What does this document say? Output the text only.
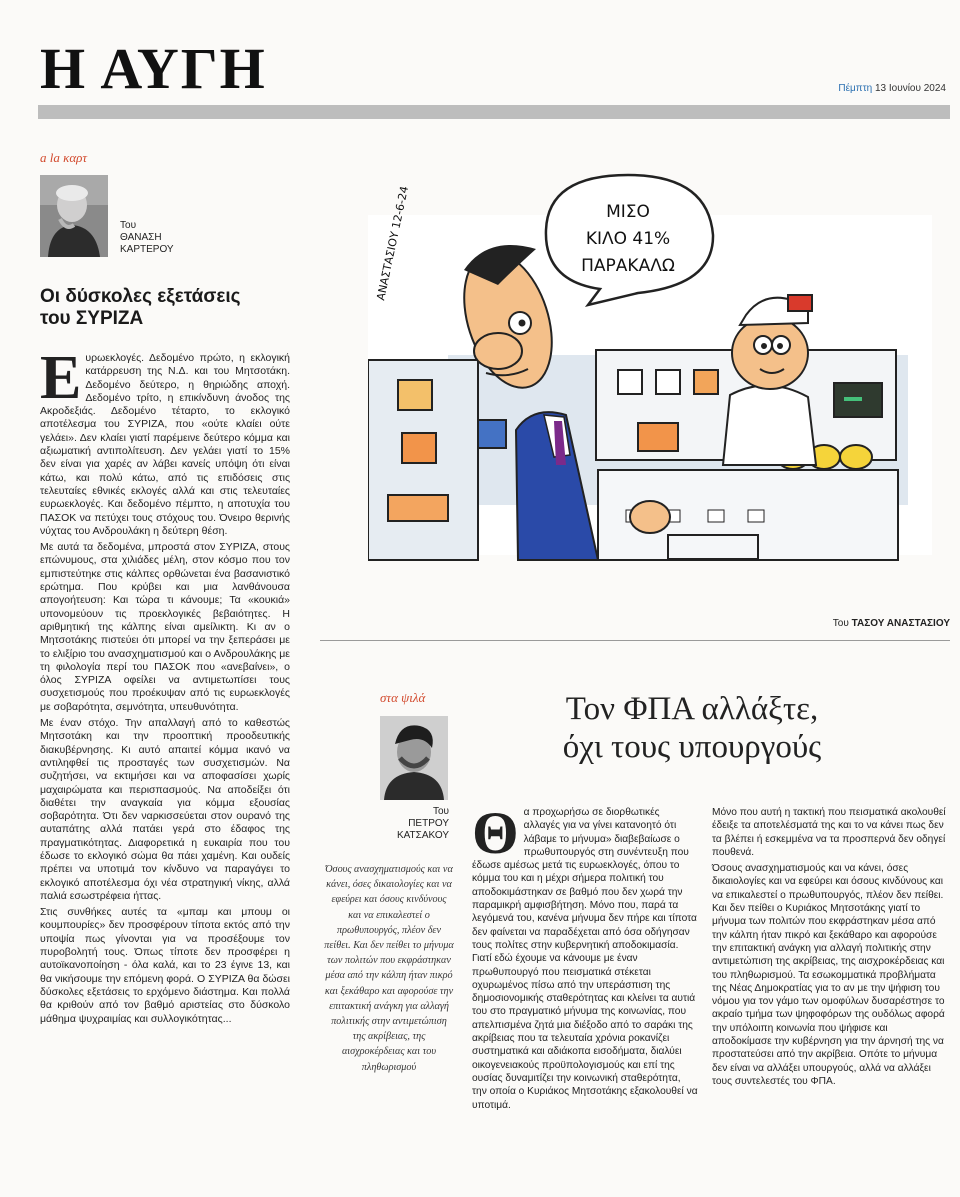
Η ΑΥΓΗ	Πέμπτη 13 Ιουνίου 2024
a la καρτ
Του
ΘΑΝΑΣΗ
ΚΑΡΤΕΡΟΥ
Οι δύσκολες εξετάσεις
του ΣΥΡΙΖΑ
Ε υρωεκλογές. Δεδομένο πρώτο, η εκλογική κατάρρευση της Ν.Δ. και του Μητσοτάκη. Δεδομένο δεύτερο, η θηριώδης αποχή. Δεδομένο τρίτο, η επικίνδυνη άνοδος της Ακροδεξιάς. Δεδομένο τέταρτο, το εκλογικό αποτέλεσμα του ΣΥΡΙΖΑ, που «ούτε κλαίει ούτε γελάει». Δεν κλαίει γιατί παρέμεινε δεύτερο κόμμα και αξιωματική αντιπολίτευση. Δεν γελάει γιατί το 15% δεν είναι για χαρές αν λάβει κανείς υπόψη ότι είναι κάτω, και πολύ κάτω, από τις επιδόσεις στις τελευταίες εθνικές εκλογές αλλά και στις τελευταίες ευρωεκλογές. Και δεδομένο πέμπτο, η αποτυχία του ΠΑΣΟΚ να πετύχει τους στόχους του. Όνειρο θερινής νύχτας του Ανδρουλάκη η δεύτερη θέση.

Με αυτά τα δεδομένα, μπροστά στον ΣΥΡΙΖΑ, στους επώνυμους, στα χιλιάδες μέλη, στον κόσμο που τον εμπιστεύτηκε στις κάλπες ορθώνεται ένα βασανιστικό ερώτημα. Που κρύβει και μια λανθάνουσα απογοήτευση: Και τώρα τι κάνουμε; Τα «κουκιά» υπονομεύουν τις προεκλογικές βεβαιότητες. Η αριθμητική της κάλπης είναι αμείλικτη. Κι αν ο Μητσοτάκης πιστεύει ότι μπορεί να την ξεπεράσει με το ελιξίριο του ανασχηματισμού και ο Ανδρουλάκης με τη φιλολογία περί του ΠΑΣΟΚ που «ανεβαίνει», ο όλος ΣΥΡΙΖΑ οφείλει να αντιμετωπίσει τους συσχετισμούς που προέκυψαν από τις ευρωεκλογές με σοβαρότητα, σεμνότητα, υπευθυνότητα.

Με έναν στόχο. Την απαλλαγή από το καθεστώς Μητσοτάκη και την προοπτική προοδευτικής διακυβέρνησης. Κι αυτό απαιτεί κόμμα ικανό να αντιληφθεί τις προσταγές των συσχετισμών. Να συζητήσει, να εκτιμήσει και να αποφασίσει χωρίς μαχαιρώματα και περισπασμούς. Να αποδείξει ότι διαθέτει την αναγκαία για κόμμα εξουσίας σοβαρότητα. Ότι δεν ναρκισσεύεται στον ουρανό της αυταπάτης αλλά πατάει γερά στο έδαφος της πραγματικότητας. Διαφορετικά η ευκαιρία που του έδωσε το εκλογικό σώμα θα πάει χαμένη. Και ουδείς πρέπει να υποτιμά τον κίνδυνο να παραγάγει το εκλογικό αποτέλεσμα όχι νέα στρατηγική νίκης, αλλά παλιά εσωστρέφεια ήττας.

Στις συνθήκες αυτές τα «μπαμ και μπουμ οι κουμπουρίες» δεν προσφέρουν τίποτα εκτός από την υποψία πως γίνονται για να προσέξουμε τον πυροβολητή τους. Όπως τίποτε δεν προσφέρει η αυτοϊκανοποίηση - όλα καλά, και το 23 έγινε 13, και θα νικήσουμε την επόμενη φορά. Ο ΣΥΡΙΖΑ θα δώσει δύσκολες εξετάσεις το ερχόμενο διάστημα. Και πολλά θα κριθούν από τον βαθμό αριστείας στο δύσκολο μάθημα ψυχραιμίας και συλλογικότητας...

ΜΙΣΟ
ΚΙΛΟ 41%
ΠΑΡΑΚΑΛΩ
ΑΝΑΣΤΑΣΙΟΥ 12-6-24
Του ΤΑΣΟΥ ΑΝΑΣΤΑΣΙΟΥ
στα ψιλά
Του
ΠΕΤΡΟΥ
ΚΑΤΣΑΚΟΥ
Τον ΦΠΑ αλλάξτε,
όχι τους υπουργούς
Όσους ανασχηματισμούς και να κάνει, όσες δικαιολογίες και να εφεύρει και όσους κινδύνους και να επικαλεστεί ο πρωθυπουργός, πλέον δεν πείθει. Και δεν πείθει το μήνυμα των πολιτών που εκφράστηκαν μέσα από την κάλπη ήταν πικρό και ξεκάθαρο και αφορούσε την επιτακτική ανάγκη για αλλαγή πολιτικής στην αντιμετώπιση της ακρίβειας, της αισχροκέρδειας και του πληθωρισμού
Θ α προχωρήσω σε διορθωτικές αλλαγές για να γίνει κατανοητό ότι λάβαμε το μήνυμα» διαβεβαίωσε ο πρωθυπουργός στη συνέντευξη που έδωσε αμέσως μετά τις ευρωεκλογές, όπου το κόμμα του και η μέχρι σήμερα πολιτική του αποδοκιμάστηκαν σε βαθμό που δεν χωρά την παραμικρή αμφισβήτηση. Μόνο που, παρά τα λεγόμενά του, κανένα μήνυμα δεν πήρε και τίποτα δεν φαίνεται να παραδέχεται από όσα οδήγησαν τους πολίτες στην κυβερνητική αποδοκιμασία. Γιατί εδώ έχουμε να κάνουμε με έναν πρωθυπουργό που πεισματικά στέκεται οχυρωμένος πίσω από την υπεράσπιση της δημοσιονομικής σταθερότητας και κλείνει τα αυτιά του στο πραγματικό μήνυμα της κοινωνίας, που απελπισμένα ζητά μια διέξοδο από το σαράκι της ακρίβειας που τα τελευταία χρόνια ροκανίζει συστηματικά και αδιάκοπα εισοδήματα, διαλύει οικογενειακούς προϋπολογισμούς και επί της ουσίας δυναμιτίζει την κοινωνική σταθερότητα, την οποία ο Κυριάκος Μητσοτάκης εξακολουθεί να υποτιμά.

Μόνο που αυτή η τακτική που πεισματικά ακολουθεί έδειξε τα αποτελέσματά της και το να κάνει πως δεν τα βλέπει ή εσκεμμένα να τα προσπερνά δεν οδηγεί πουθενά.

Όσους ανασχηματισμούς και να κάνει, όσες δικαιολογίες και να εφεύρει και όσους κινδύνους και να επικαλεστεί ο πρωθυπουργός, πλέον δεν πείθει. Και δεν πείθει ο Κυριάκος Μητσοτάκης γιατί το μήνυμα των πολιτών που εκφράστηκαν μέσα από την κάλπη ήταν πικρό και ξεκάθαρο και αφορούσε την επιτακτική ανάγκη για αλλαγή πολιτικής στην αντιμετώπιση της ακρίβειας, της αισχροκέρδειας και του πληθωρισμού. Τα εσωκομματικά προβλήματα της Νέας Δημοκρατίας για το αν με την ψήφιση του νόμου για τον γάμο των ομοφύλων δυσαρέστησε το ακραίο τμήμα των ψηφοφόρων της ουδόλως αφορά την υπόλοιπη κοινωνία που ψήφισε και αποδοκίμασε την κυβέρνηση για την άρνησή της να προστατεύσει από την ακρίβεια. Οπότε το μήνυμα δεν είναι να αλλάξει υπουργούς, αλλά να αλλάξει τους συντελεστές του ΦΠΑ.
